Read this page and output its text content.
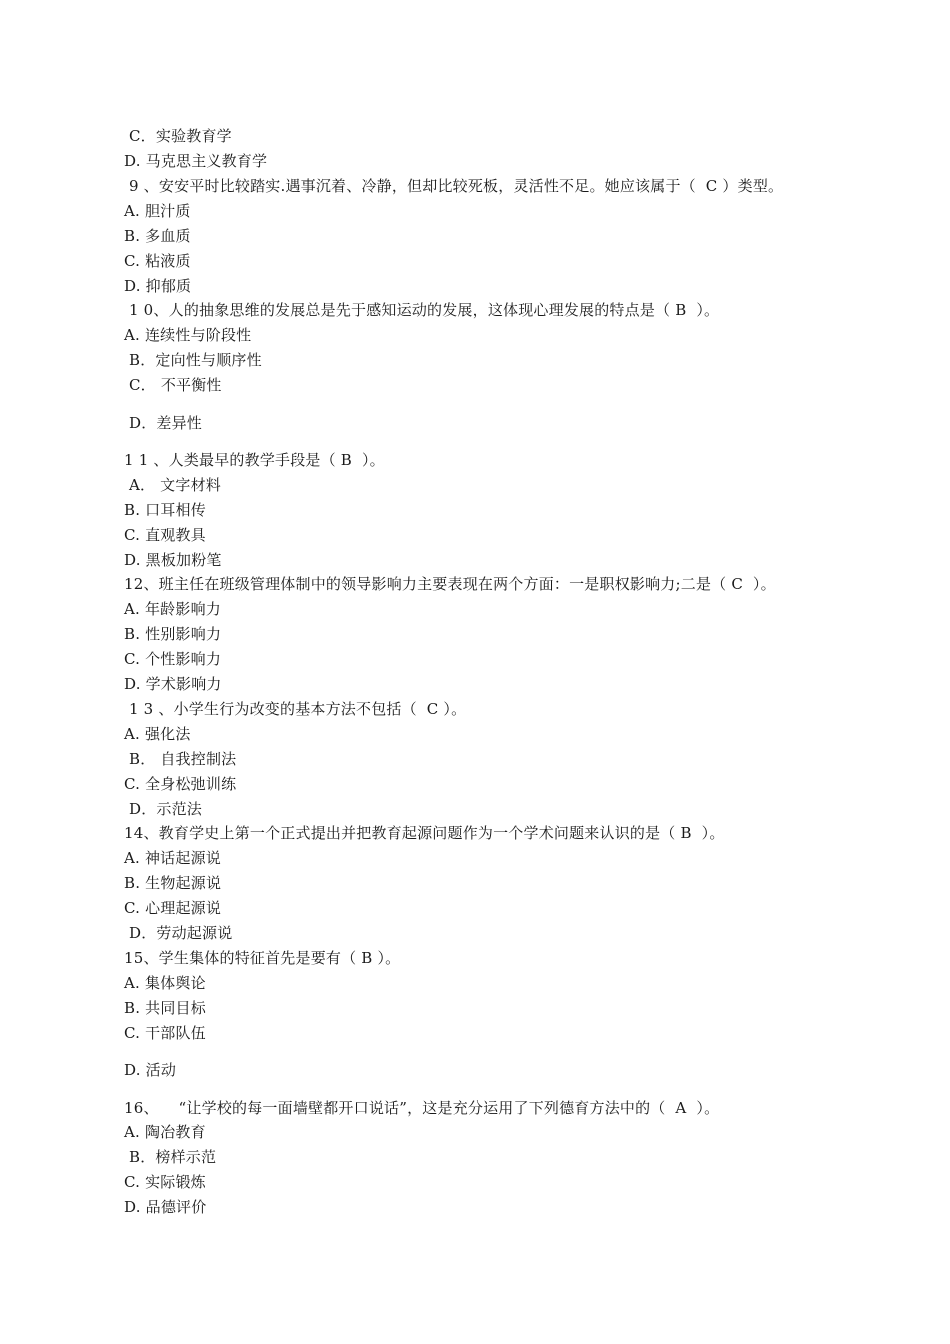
C．实验教育学
D. 马克思主义教育学
9 、安安平时比较踏实.遇事沉着、冷静，但却比较死板，灵活性不足。她应该属于（  C ）类型。
A. 胆汁质
B. 多血质
C. 粘液质
D. 抑郁质
1 0、人的抽象思维的发展总是先于感知运动的发展，这体现心理发展的特点是（ B  ）。
A. 连续性与阶段性
B．定向性与顺序性
C． 不平衡性
D．差异性
1 1 、人类最早的教学手段是（ B  ）。
A． 文字材料
B. 口耳相传
C. 直观教具
D. 黑板加粉笔
12、班主任在班级管理体制中的领导影响力主要表现在两个方面：一是职权影响力;二是（ C  ）。
A. 年龄影响力
B. 性别影响力
C. 个性影响力
D. 学术影响力
1 3 、小学生行为改变的基本方法不包括（  C ）。
A. 强化法
B． 自我控制法
C. 全身松弛训练
D．示范法
14、教育学史上第一个正式提出并把教育起源问题作为一个学术问题来认识的是（ B  ）。
A. 神话起源说
B. 生物起源说
C. 心理起源说
D．劳动起源说
15、学生集体的特征首先是要有（ B ）。
A. 集体舆论
B. 共同目标
C. 干部队伍
D. 活动
16、    “让学校的每一面墙壁都开口说话”，这是充分运用了下列德育方法中的（  A  ）。
A. 陶冶教育
B．榜样示范
C. 实际锻炼
D. 品德评价
